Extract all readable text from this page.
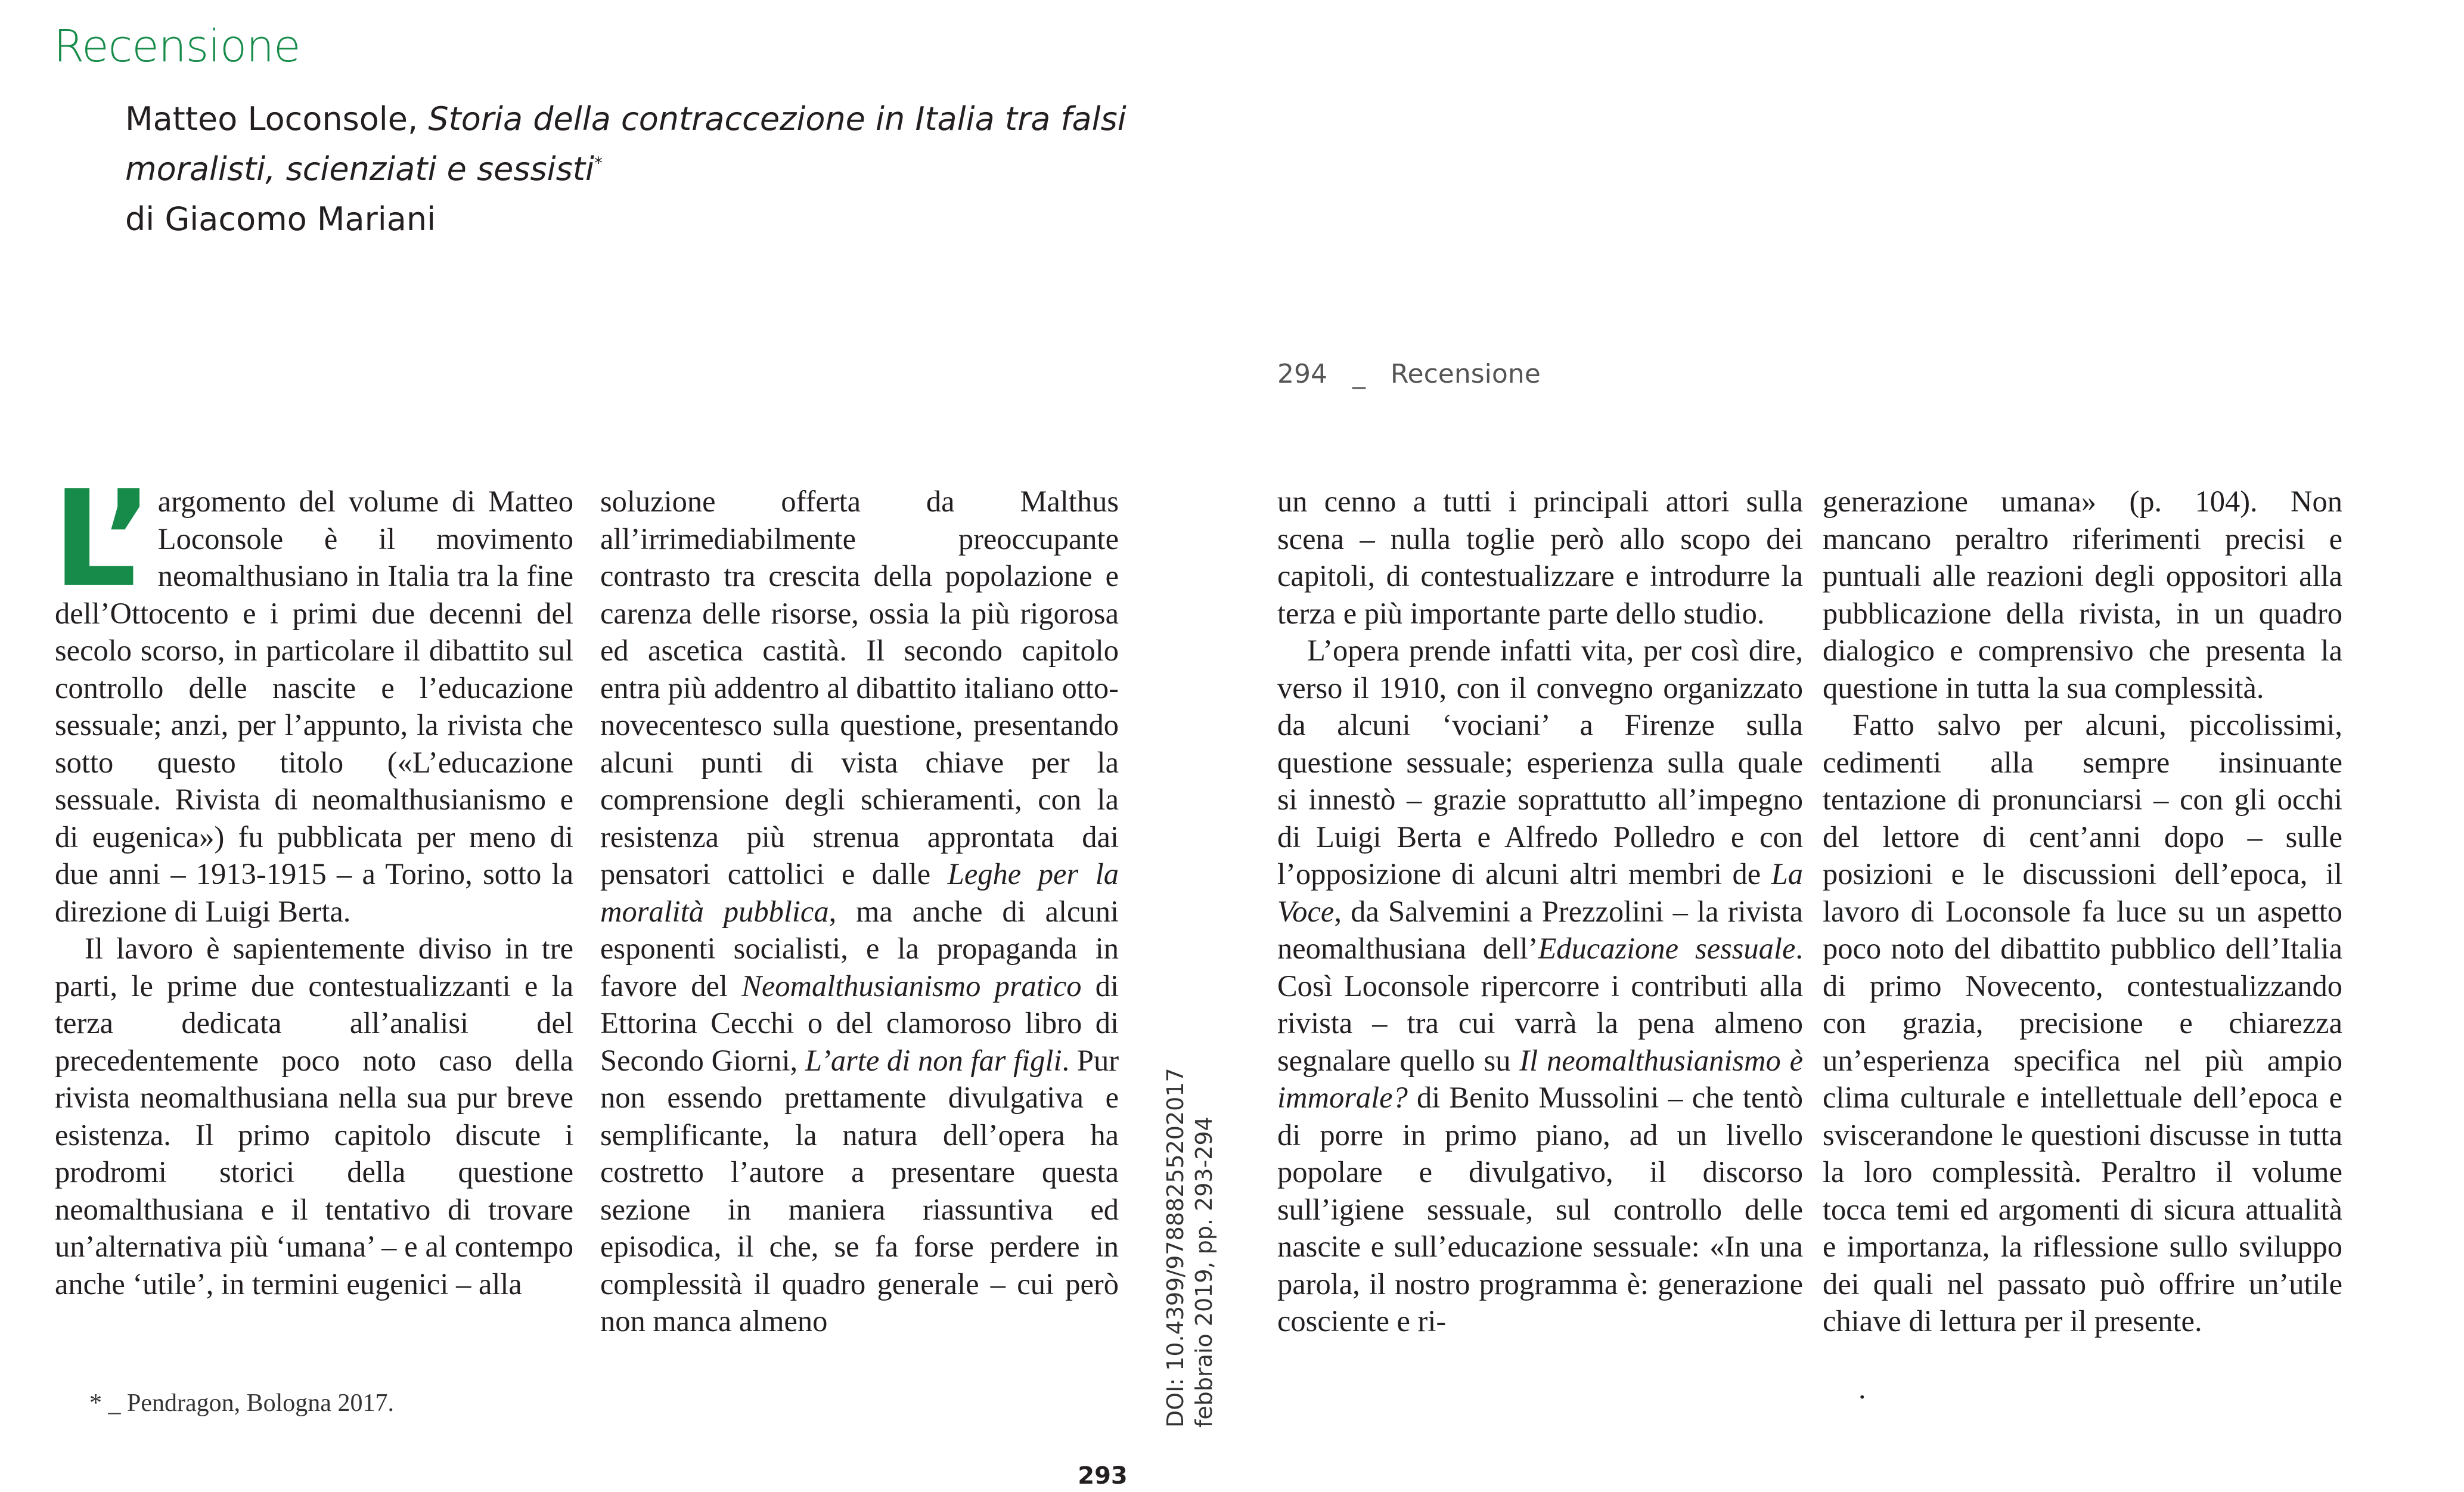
Recensione
Matteo Loconsole, Storia della contraccezione in Italia tra falsi moralisti, scienziati e sessisti*
di Giacomo Mariani
294 _ Recensione

L’ argomento del volume di Matteo Loconsole è il movimento neomalthusiano in Italia tra la fine dell’Ottocento e i primi due decenni del secolo scorso, in particolare il dibattito sul controllo delle nascite e l’educazione sessuale; anzi, per l’appunto, la rivista che sotto questo titolo («L’educazione sessuale. Rivista di neomalthusianismo e di eugenica») fu pubblicata per meno di due anni – 1913-1915 – a Torino, sotto la direzione di Luigi Berta.

Il lavoro è sapientemente diviso in tre parti, le prime due contestualizzanti e la terza dedicata all’analisi del precedentemente poco noto caso della rivista neomalthusiana nella sua pur breve esistenza. Il primo capitolo discute i prodromi storici della questione neomalthusiana e il tentativo di trovare un’alternativa più ‘umana’ – e al contempo anche ‘utile’, in termini eugenici – alla

soluzione offerta da Malthus all’irrimediabilmente preoccupante contrasto tra crescita della popolazione e carenza delle risorse, ossia la più rigorosa ed ascetica castità. Il secondo capitolo entra più addentro al dibattito italiano otto-novecentesco sulla questione, presentando alcuni punti di vista chiave per la comprensione degli schieramenti, con la resistenza più strenua approntata dai pensatori cattolici e dalle Leghe per la moralità pubblica, ma anche di alcuni esponenti socialisti, e la propaganda in favore del Neomalthusianismo pratico di Ettorina Cecchi o del clamoroso libro di Secondo Giorni, L’arte di non far figli. Pur non essendo prettamente divulgativa e semplificante, la natura dell’opera ha costretto l’autore a presentare questa sezione in maniera riassuntiva ed episodica, il che, se fa forse perdere in complessità il quadro generale – cui però non manca almeno

un cenno a tutti i principali attori sulla scena – nulla toglie però allo scopo dei capitoli, di contestualizzare e introdurre la terza e più importante parte dello studio.

L’opera prende infatti vita, per così dire, verso il 1910, con il convegno organizzato da alcuni ‘vociani’ a Firenze sulla questione sessuale; esperienza sulla quale si innestò – grazie soprattutto all’impegno di Luigi Berta e Alfredo Polledro e con l’opposizione di alcuni altri membri de La Voce, da Salvemini a Prezzolini – la rivista neomalthusiana dell’Educazione sessuale. Così Loconsole ripercorre i contributi alla rivista – tra cui varrà la pena almeno segnalare quello su Il neomalthusianismo è immorale? di Benito Mussolini – che tentò di porre in primo piano, ad un livello popolare e divulgativo, il discorso sull’igiene sessuale, sul controllo delle nascite e sull’educazione sessuale: «In una parola, il nostro programma è: generazione cosciente e ri-

generazione umana» (p. 104). Non mancano peraltro riferimenti precisi e puntuali alle reazioni degli oppositori alla pubblicazione della rivista, in un quadro dialogico e comprensivo che presenta la questione in tutta la sua complessità.

Fatto salvo per alcuni, piccolissimi, cedimenti alla sempre insinuante tentazione di pronunciarsi – con gli occhi del lettore di cent’anni dopo – sulle posizioni e le discussioni dell’epoca, il lavoro di Loconsole fa luce su un aspetto poco noto del dibattito pubblico dell’Italia di primo Novecento, contestualizzando con grazia, precisione e chiarezza un’esperienza specifica nel più ampio clima culturale e intellettuale dell’epoca e sviscerandone le questioni discusse in tutta la loro complessità. Peraltro il volume tocca temi ed argomenti di sicura attualità e importanza, la riflessione sullo sviluppo dei quali nel passato può offrire un’utile chiave di lettura per il presente.

.
* _ Pendragon, Bologna 2017.	DOI: 10.4399/97888255202017 febbraio 2019, pp. 293-294
293
